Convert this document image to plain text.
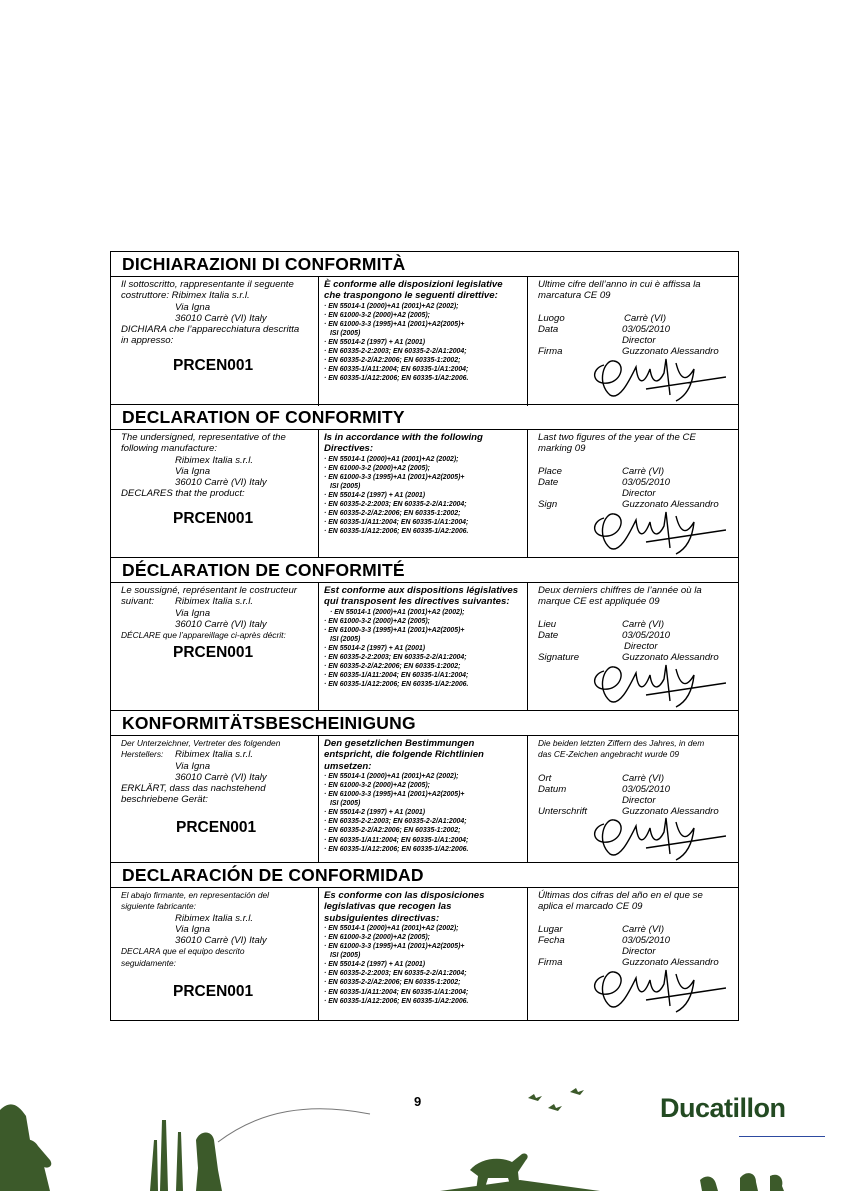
DICHIARAZIONI DI CONFORMITÀ
Il sottoscritto, rappresentante il seguente
costruttore: Ribimex Italia s.r.l.
Via Igna
36010 Carrè (VI) Italy
DICHIARA che l’apparecchiatura descritta
in appresso:
PRCEN001
È conforme alle disposizioni legislative
che traspongono le seguenti direttive:
· EN 55014-1 (2000)+A1 (2001)+A2 (2002);
· EN 61000-3-2 (2000)+A2 (2005);
· EN 61000-3-3 (1995)+A1 (2001)+A2(2005)+
ISI (2005)
· EN 55014-2 (1997) + A1 (2001)
· EN 60335-2-2:2003; EN 60335-2-2/A1:2004;
· EN 60335-2-2/A2:2006; EN 60335-1:2002;
· EN 60335-1/A11:2004; EN 60335-1/A1:2004;
· EN 60335-1/A12:2006; EN 60335-1/A2:2006.
Ultime cifre dell’anno in cui è affissa la
marcatura CE 09
Luogo	Carrè (VI)
Data	03/05/2010
Director
Firma	Guzzonato Alessandro
DECLARATION OF CONFORMITY
The undersigned, representative of the
following manufacture:
Ribimex Italia s.r.l.
Via Igna
36010 Carrè (VI) Italy
DECLARES that the product:
PRCEN001
Is in accordance with the following
Directives:
· EN 55014-1 (2000)+A1 (2001)+A2 (2002);
· EN 61000-3-2 (2000)+A2 (2005);
· EN 61000-3-3 (1995)+A1 (2001)+A2(2005)+
ISI (2005)
· EN 55014-2 (1997) + A1 (2001)
· EN 60335-2-2:2003; EN 60335-2-2/A1:2004;
· EN 60335-2-2/A2:2006; EN 60335-1:2002;
· EN 60335-1/A11:2004; EN 60335-1/A1:2004;
· EN 60335-1/A12:2006; EN 60335-1/A2:2006.
Last two figures of the year of the CE
marking 09
Place	Carrè (VI)
Date	03/05/2010
Director
Sign	Guzzonato Alessandro
DÉCLARATION DE CONFORMITÉ
Le soussigné, représentant le costructeur
suivant: Ribimex Italia s.r.l.
Via Igna
36010 Carrè (VI) Italy
DÉCLARE que l’appareillage ci-après décrit:
PRCEN001
Est conforme aux dispositions législatives
qui transposent les directives suivantes:
· EN 55014-1 (2000)+A1 (2001)+A2 (2002);
· EN 61000-3-2 (2000)+A2 (2005);
· EN 61000-3-3 (1995)+A1 (2001)+A2(2005)+
ISI (2005)
· EN 55014-2 (1997) + A1 (2001)
· EN 60335-2-2:2003; EN 60335-2-2/A1:2004;
· EN 60335-2-2/A2:2006; EN 60335-1:2002;
· EN 60335-1/A11:2004; EN 60335-1/A1:2004;
· EN 60335-1/A12:2006; EN 60335-1/A2:2006.
Deux derniers chiffres de l’année où la
marque CE est appliquée 09
Lieu	Carrè (VI)
Date	03/05/2010
Director
Signature	Guzzonato Alessandro
KONFORMITÄTSBESCHEINIGUNG
Der Unterzeichner, Vertreter des folgenden
Herstellers: Ribimex Italia s.r.l.
Via Igna
36010 Carrè (VI) Italy
ERKLÄRT, dass das nachstehend
beschriebene Gerät:
PRCEN001
Den gesetzlichen Bestimmungen
entspricht, die folgende Richtlinien
umsetzen:
· EN 55014-1 (2000)+A1 (2001)+A2 (2002);
· EN 61000-3-2 (2000)+A2 (2005);
· EN 61000-3-3 (1995)+A1 (2001)+A2(2005)+
ISI (2005)
· EN 55014-2 (1997) + A1 (2001)
· EN 60335-2-2:2003; EN 60335-2-2/A1:2004;
· EN 60335-2-2/A2:2006; EN 60335-1:2002;
· EN 60335-1/A11:2004; EN 60335-1/A1:2004;
· EN 60335-1/A12:2006; EN 60335-1/A2:2006.
Die beiden letzten Ziffern des Jahres, in dem
das CE-Zeichen angebracht wurde 09
Ort	Carrè (VI)
Datum	03/05/2010
Director
Unterschrift	Guzzonato Alessandro
DECLARACIÓN DE CONFORMIDAD
El abajo firmante, en representación del
siguiente fabricante:
Ribimex Italia s.r.l.
Via Igna
36010 Carrè (VI) Italy
DECLARA que el equipo descrito
seguidamente:
PRCEN001
Es conforme con las disposiciones
legislativas que recogen las
subsiguientes directivas:
· EN 55014-1 (2000)+A1 (2001)+A2 (2002);
· EN 61000-3-2 (2000)+A2 (2005);
· EN 61000-3-3 (1995)+A1 (2001)+A2(2005)+
ISI (2005)
· EN 55014-2 (1997) + A1 (2001)
· EN 60335-2-2:2003; EN 60335-2-2/A1:2004;
· EN 60335-2-2/A2:2006; EN 60335-1:2002;
· EN 60335-1/A11:2004; EN 60335-1/A1:2004;
· EN 60335-1/A12:2006; EN 60335-1/A2:2006.
Últimas dos cifras del año en el que se
aplica el marcado CE 09
Lugar	Carrè (VI)
Fecha	03/05/2010
Director
Firma	Guzzonato Alessandro
9	Ducatillon
